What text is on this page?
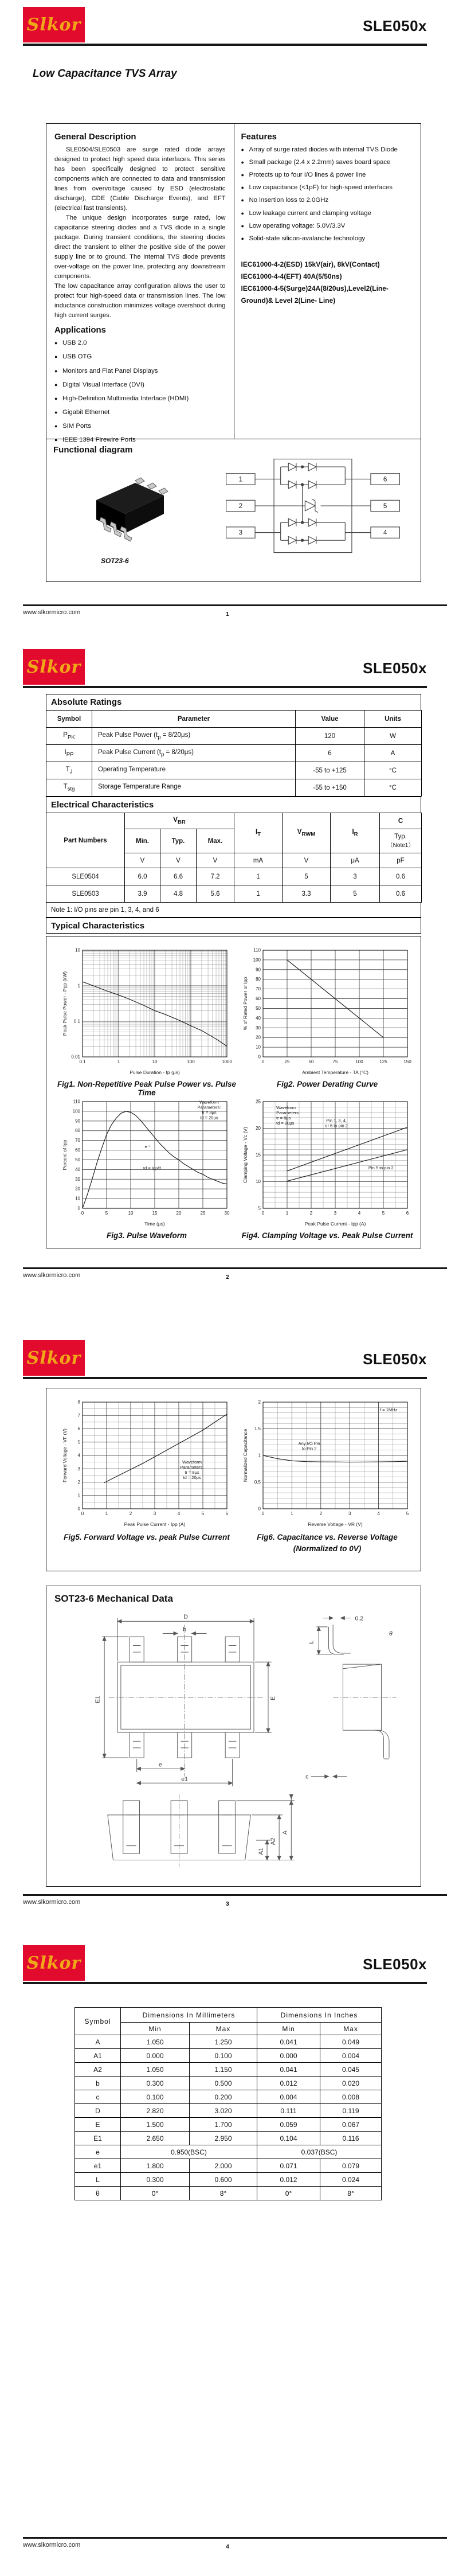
Slkor	SLE050x
Low Capacitance TVS Array
General Description

SLE0504/SLE0503 are surge rated diode arrays designed to protect high speed data interfaces. This series has been specifically designed to protect sensitive components which are connected to data and transmission lines from overvoltage caused by ESD (electrostatic discharge), CDE (Cable Discharge Events), and EFT (electrical fast transients).

The unique design incorporates surge rated, low capacitance steering diodes and a TVS diode in a single package. During transient conditions, the steering diodes direct the transient to either the positive side of the power supply line or to ground. The internal TVS diode prevents over-voltage on the power line, protecting any downstream components.

The low capacitance array configuration allows the user to protect four high-speed data or transmission lines. The low inductance construction minimizes voltage overshoot during high current surges.

Applications
● USB 2.0
● USB OTG
● Monitors and Flat Panel Displays
● Digital Visual Interface (DVI)
● High-Definition Multimedia Interface (HDMI)
● Gigabit Ethernet
● SIM Ports
● IEEE 1394 Firewire Ports
Features
● Array of surge rated diodes with internal TVS Diode
● Small package (2.4 x 2.2mm) saves board space
● Protects up to four I/O lines & power line
● Low capacitance (<1pF) for high-speed interfaces
● No insertion loss to 2.0GHz
● Low leakage current and clamping voltage
● Low operating voltage: 5.0V/3.3V
● Solid-state silicon-avalanche technology
IEC61000-4-2(ESD) 15kV(air), 8kV(Contact)
IEC61000-4-4(EFT) 40A(5/50ns)
IEC61000-4-5(Surge)24A(8/20us),Level2(Line-Ground)& Level 2(Line- Line)
Functional diagram
SOT23-6
1
2
3
6
5
4
www.slkormicro.com	1
Slkor	SLE050x
Absolute Ratings
Symbol	Parameter	Value	Units
$P_{PK}$	Peak Pulse Power $(t_p = 8/20\mu s)$	120	W
$I_{PP}$	Peak Pulse Current $(t_p = 8/20\mu s)$	6	A
$T_J$	Operating Temperature	-55 to +125	°C
$T_{stg}$	Storage Temperature Range	-55 to +150	°C
Electrical Characteristics
Part Numbers	$V_{BR}$			$I_T$	$V_{RWM}$	$I_R$	C
	Min.	Typ.	Max.				Typ.
（Note1）

	V	V	V	mA	V	μA	pF
SLE0504	6.0	6.6	7.2	1	5	3	0.6
SLE0503	3.9	4.8	5.6	1	3.3	5	0.6
Note 1: I/O pins are pin 1, 3, 4, and 6
Typical Characteristics
0.1	1	10	100	1000
0.01
0.1
1
10
Pulse Duration - tp (μs)
Peak Pulse Power - Ppp (kW)
0	25	50	75	100	125	150
0
10
20
30
40
50
60
70
80
90
100
110
Ambient Temperature - TA (°C)
% of Rated Power or Ipp
Fig1. Non-Repetitive Peak Pulse Power vs. Pulse Time
Fig2. Power Derating Curve
0	5	10	15	20	25	30
0
10
20
30
40
50
60
70
80
90
100
110	Waveform Parameters: tr = 8μs td = 20μs
e⁻ᵗ
td = Ipp/2
Time (μs)
Percent of Ipp
0	1	2	3	4	5	6
5
10
15
20
25
Waveform Parameters: tr = 8μs td = 20μs
Pin 1, 3, 4, or 6 to pin 2
Pin 5 to pin 2
Peak Pulse Current - Ipp (A)
Clamping Voltage - Vc (V)
Fig3. Pulse Waveform	Fig4. Clamping Voltage vs. Peak Pulse Current
www.slkormicro.com	2
Slkor	SLE050x
0	1	2	3	4	5	6
0
1
2
3
4
5
6
7
8
Waveform Parameters: tr = 8μs td = 20μs
Peak Pulse Current - Ipp (A)
Forward Voltage - VF (V)
0	1	2	3	4	5
0
0.5
1
1.5
2
f = 1MHz
Any I/O Pin to Pin 2
Reverse Voltage - VR (V)
Normalized Capacitance
Fig5. Forward Voltage vs. peak Pulse Current	Fig6. Capacitance vs. Reverse Voltage
(Normalized to 0V)
SOT23-6 Mechanical Data
D
b
E1	E
e
e1
L
0.2
c
θ
A1
A2
A
www.slkormicro.com	3
Slkor	SLE050x
Symbol	Dimensions In Millimeters		Dimensions In Inches	
	Min	Max	Min	Max
A	1.050	1.250	0.041	0.049
A1	0.000	0.100	0.000	0.004
A2	1.050	1.150	0.041	0.045
b	0.300	0.500	0.012	0.020
c	0.100	0.200	0.004	0.008
D	2.820	3.020	0.111	0.119
E	1.500	1.700	0.059	0.067
E1	2.650	2.950	0.104	0.116
e	0.950(BSC)		0.037(BSC)	
e1	1.800	2.000	0.071	0.079
L	0.300	0.600	0.012	0.024
θ	0°	8°	0°	8°
www.slkormicro.com	4
